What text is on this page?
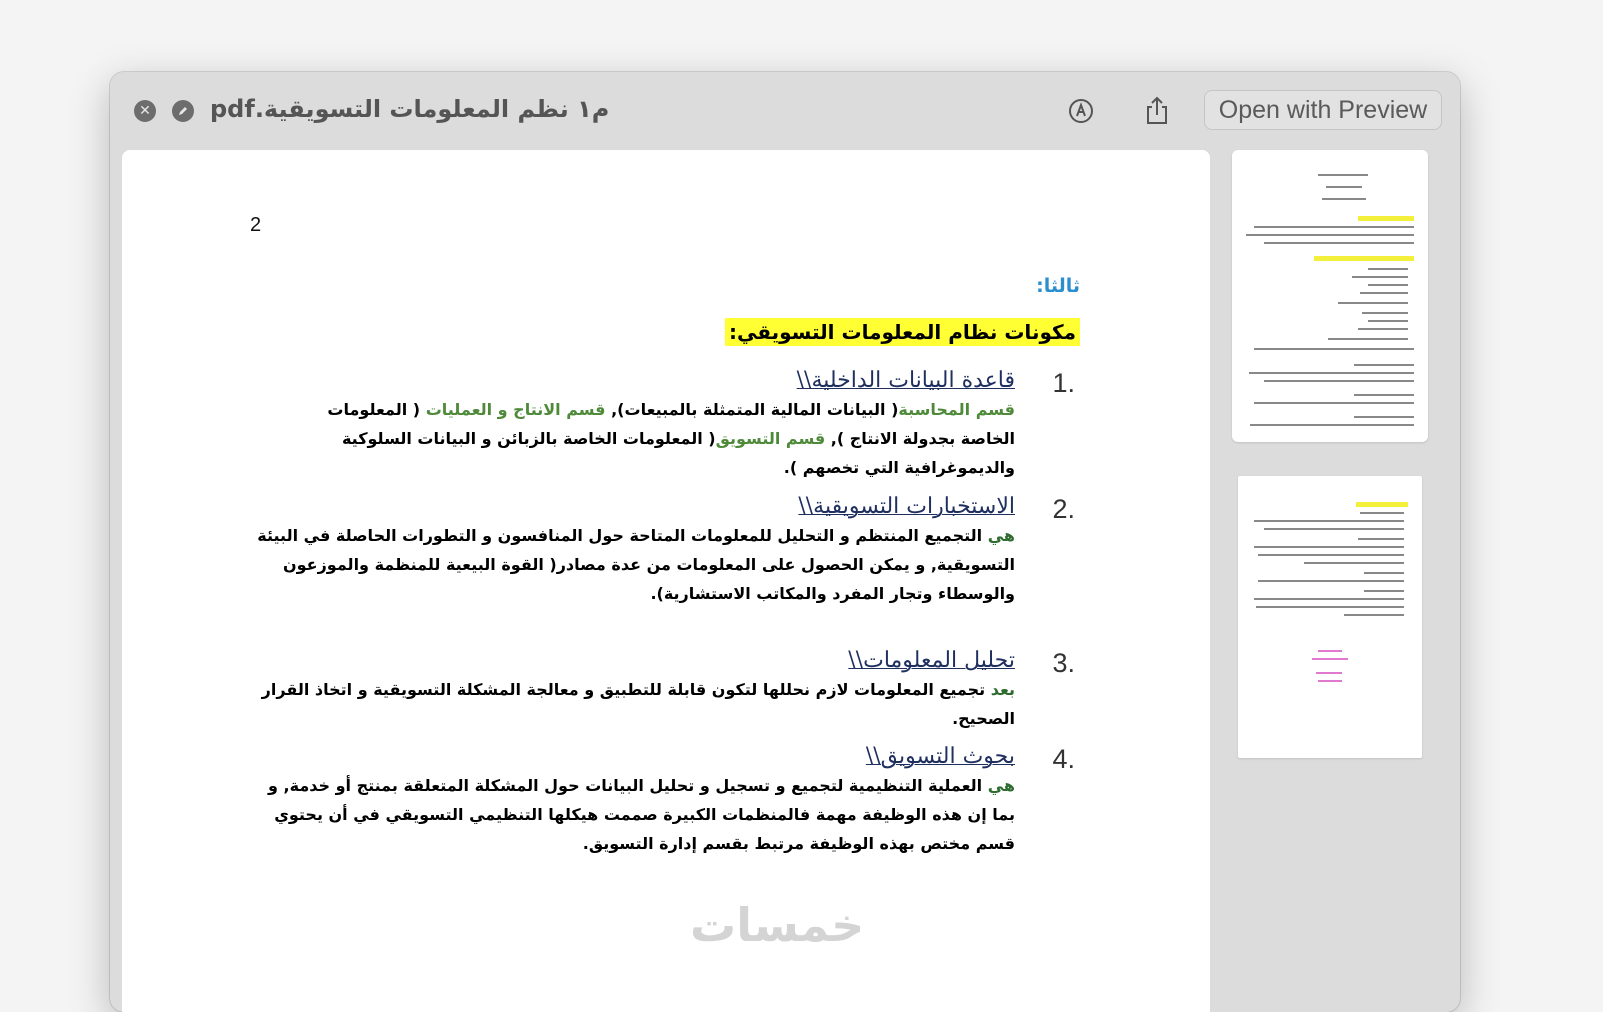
✕ م١ نظم المعلومات التسويقية.pdf	Open with Preview
2
ثالثا:
مكونات نظام المعلومات التسويقي:
1.
قاعدة البيانات الداخلية\\
قسم المحاسبة( البيانات المالية المتمثلة بالمبيعات), قسم الانتاج و العمليات ( المعلومات الخاصة بجدولة الانتاج ), قسم التسويق( المعلومات الخاصة بالزبائن و البيانات السلوكية والديموغرافية التي تخصهم ).
2.
الاستخبارات التسويقية\\
هي التجميع المنتظم و التحليل للمعلومات المتاحة حول المنافسون و التطورات الحاصلة في البيئة التسويقية, و يمكن الحصول على المعلومات من عدة مصادر( القوة البيعية للمنظمة والموزعون والوسطاء وتجار المفرد والمكاتب الاستشارية).
3.
تحليل المعلومات\\
بعد تجميع المعلومات لازم نحللها لتكون قابلة للتطبيق و معالجة المشكلة التسويقية و اتخاذ القرار الصحيح.
4.
بحوث التسويق\\
هي العملية التنظيمية لتجميع و تسجيل و تحليل البيانات حول المشكلة المتعلقة بمنتج أو خدمة, و بما إن هذه الوظيفة مهمة فالمنظمات الكبيرة صممت هيكلها التنظيمي التسويقي في أن يحتوي قسم مختص بهذه الوظيفة مرتبط بقسم إدارة التسويق.
خمسات
